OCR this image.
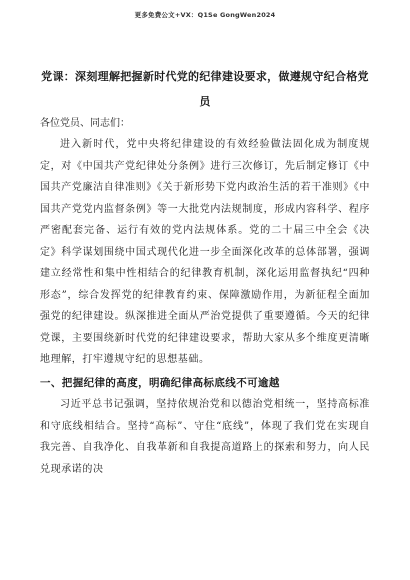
更多免费公文+VX：Q1Se GongWen2024
党课：深刻理解把握新时代党的纪律建设要求，做遵规守纪合格党员
各位党员、同志们：

进入新时代，党中央将纪律建设的有效经验做法固化成为制度规定，对《中国共产党纪律处分条例》进行三次修订，先后制定修订《中国共产党廉洁自律准则》《关于新形势下党内政治生活的若干准则》《中国共产党党内监督条例》等一大批党内法规制度，形成内容科学、程序严密配套完备、运行有效的党内法规体系。党的二十届三中全会《决定》科学谋划围绕中国式现代化进一步全面深化改革的总体部署，强调建立经常性和集中性相结合的纪律教育机制，深化运用监督执纪“四种形态”，综合发挥党的纪律教育约束、保障激励作用，为新征程全面加强党的纪律建设。纵深推进全面从严治党提供了重要遵循。今天的纪律党课，主要围绕新时代党的纪律建设要求，帮助大家从多个维度更清晰地理解，打牢遵规守纪的思想基础。

一、把握纪律的高度，明确纪律高标底线不可逾越

习近平总书记强调，坚持依规治党和以德治党相统一，坚持高标准和守底线相结合。坚持“高标”、守住“底线”，体现了我们党在实现自我完善、自我净化、自我革新和自我提高道路上的探索和努力，向人民兑现承诺的决
